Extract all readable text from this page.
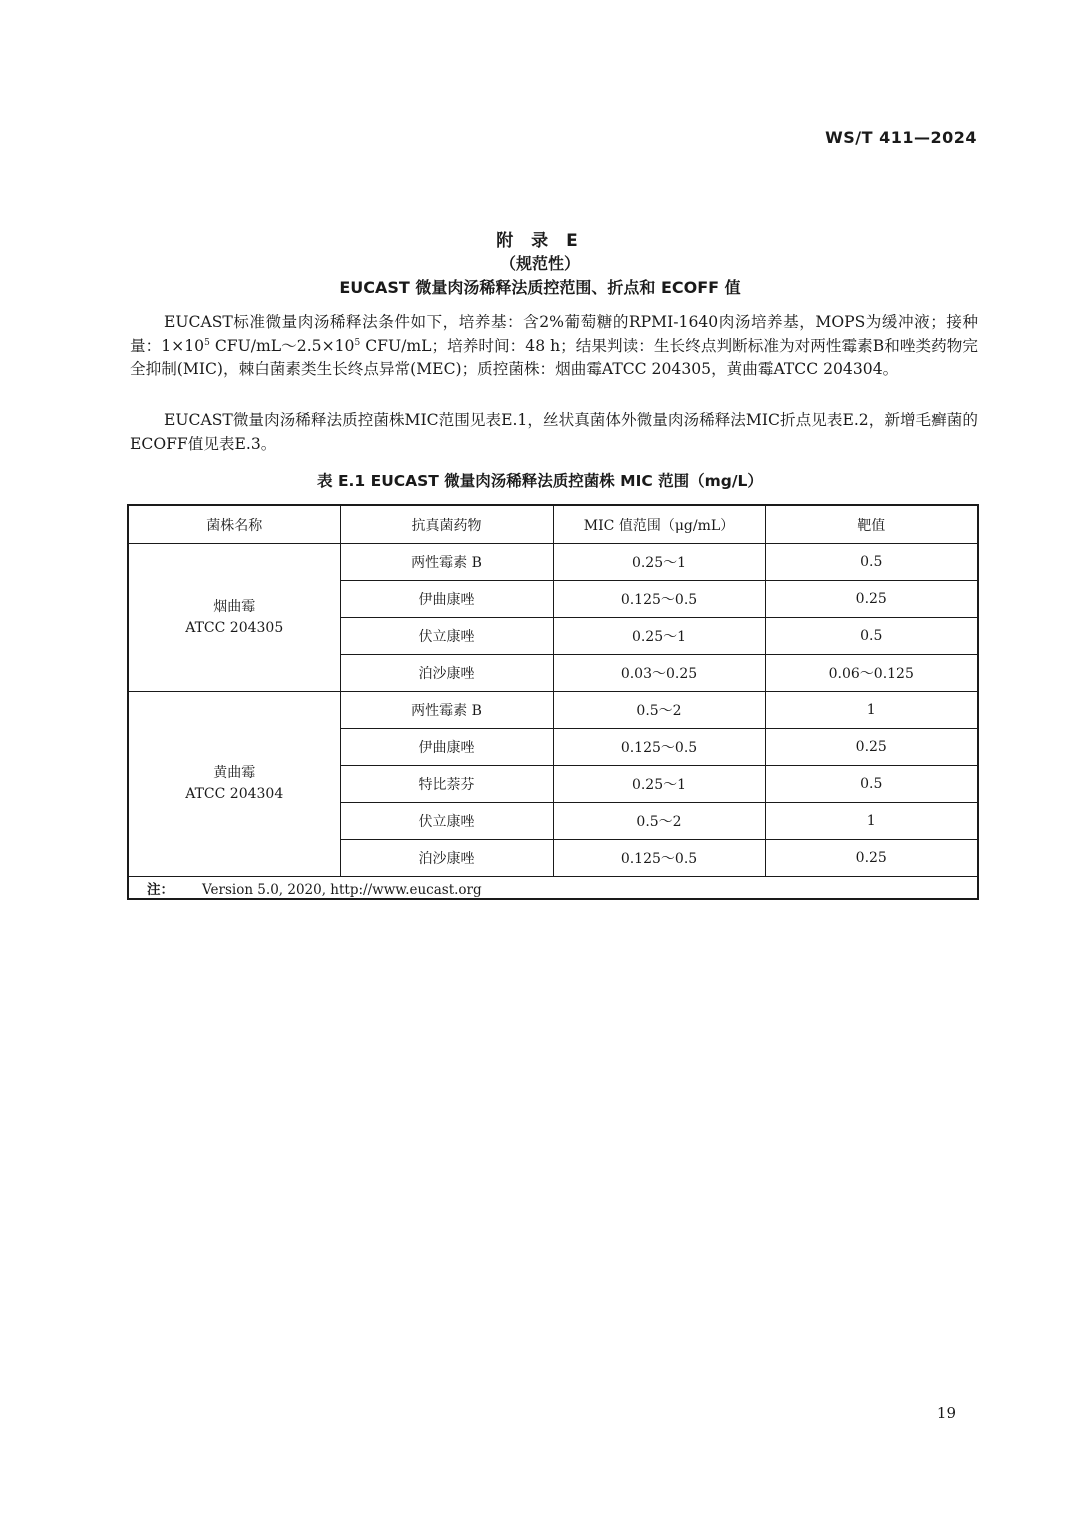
WS/T 411—2024
附 录 E
（规范性）
EUCAST 微量肉汤稀释法质控范围、折点和 ECOFF 值
EUCAST标准微量肉汤稀释法条件如下，培养基：含2%葡萄糖的RPMI-1640肉汤培养基，MOPS为缓冲液；接种量：$1\times 10^5$ CFU/$mL\sim 2.5\times 10^5$ CFU/mL；培养时间：48 h；结果判读：生长终点判断标准为对两性霉素B和唑类药物完全抑制(MIC)，棘白菌素类生长终点异常(MEC)；质控菌株：烟曲霉ATCC 204305，黄曲霉ATCC 204304。
EUCAST微量肉汤稀释法质控菌株MIC范围见表E.1，丝状真菌体外微量肉汤稀释法MIC折点见表E.2，新增毛癣菌的ECOFF值见表E.3。
表 E.1 EUCAST 微量肉汤稀释法质控菌株 MIC 范围（mg/L）
菌株名称	抗真菌药物	MIC 值范围（μg/mL）	靶值
烟曲霉
ATCC 204305	两性霉素 B	0.25～1	0.5
	伊曲康唑	0.125～0.5	0.25
	伏立康唑	0.25～1	0.5
	泊沙康唑	0.03～0.25	0.06～0.125
黄曲霉
ATCC 204304	两性霉素 B	0.5～2	1
	伊曲康唑	0.125～0.5	0.25
	特比萘芬	0.25～1	0.5
	伏立康唑	0.5～2	1
	泊沙康唑	0.125～0.5	0.25
注： Version 5.0, 2020, http://www.eucast.org			
19
